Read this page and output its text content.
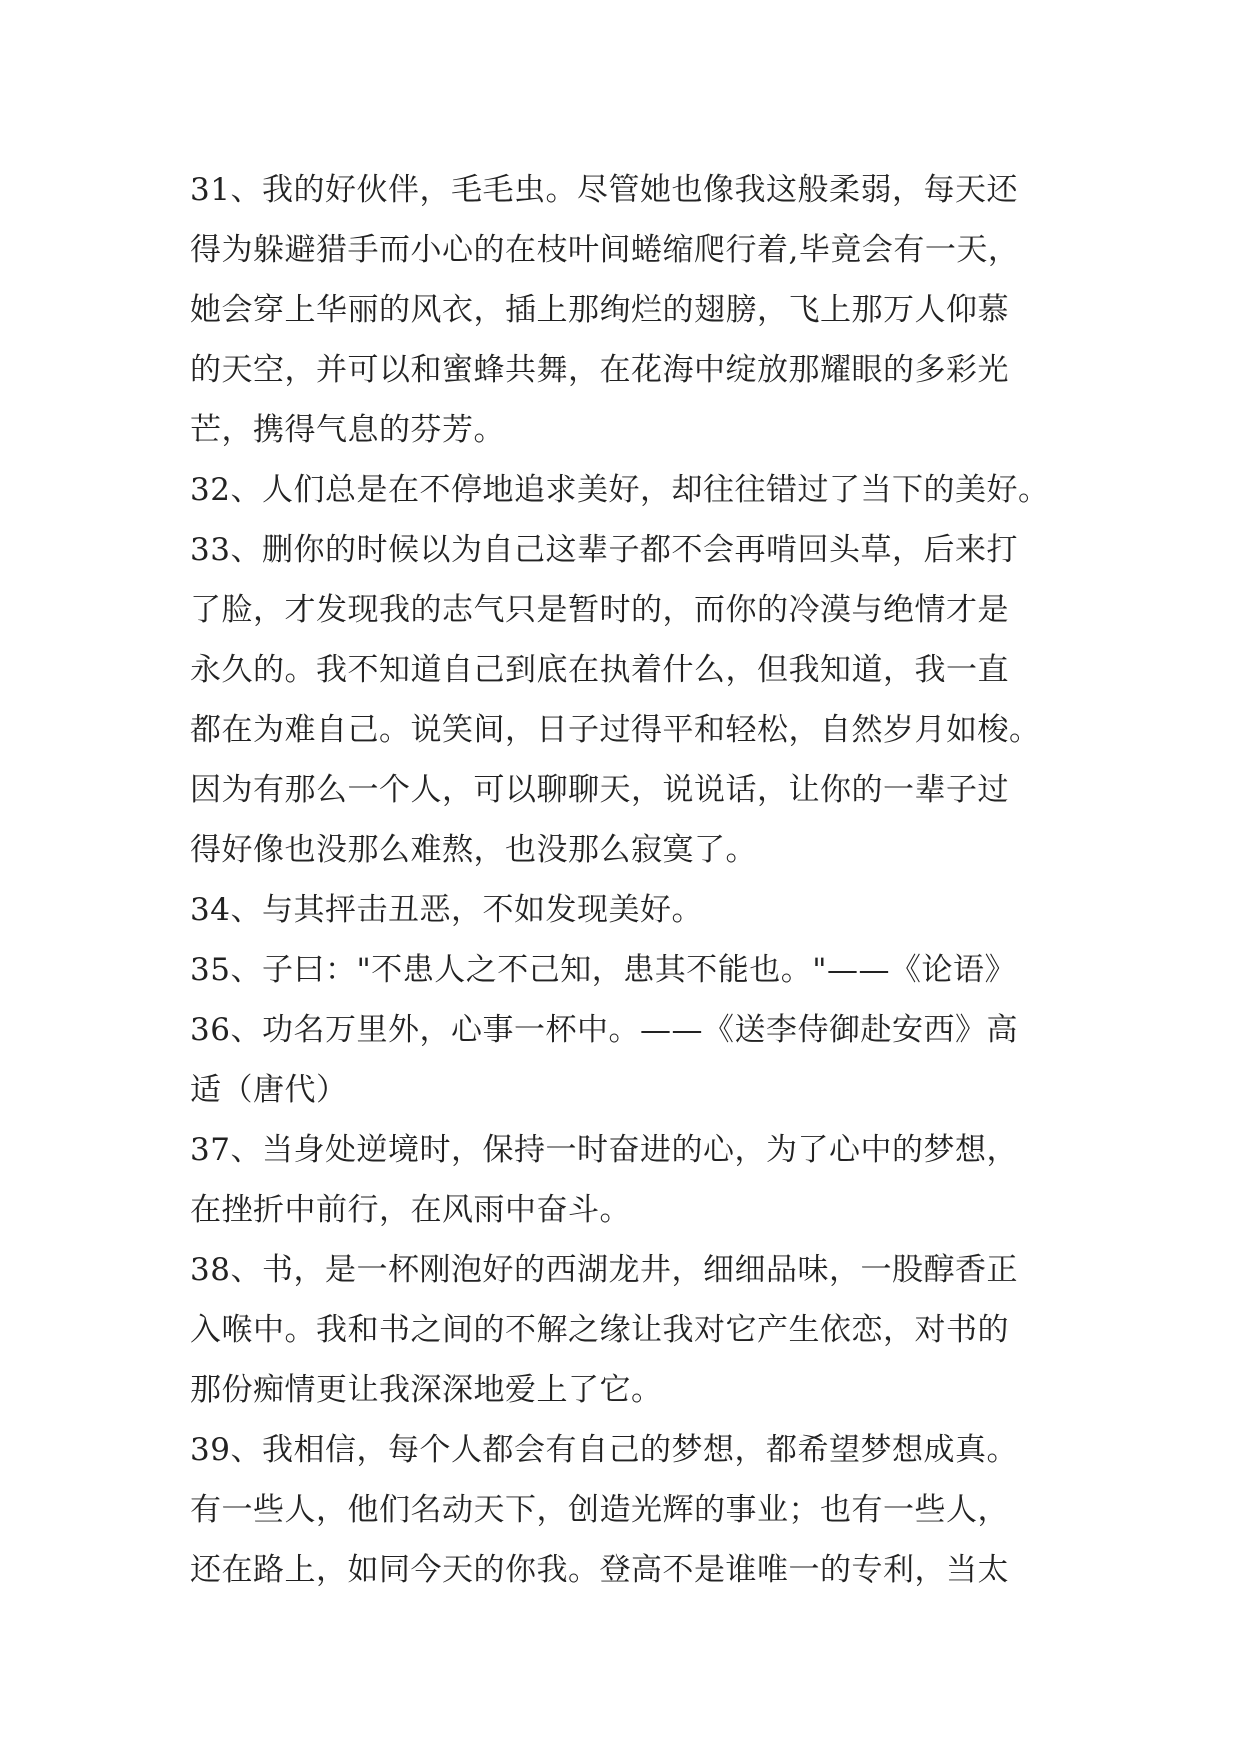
31、我的好伙伴，毛毛虫。尽管她也像我这般柔弱，每天还
得为躲避猎手而小心的在枝叶间蜷缩爬行着,毕竟会有一天，
她会穿上华丽的风衣，插上那绚烂的翅膀，飞上那万人仰慕
的天空，并可以和蜜蜂共舞，在花海中绽放那耀眼的多彩光
芒，携得气息的芬芳。
32、人们总是在不停地追求美好，却往往错过了当下的美好。
33、删你的时候以为自己这辈子都不会再啃回头草，后来打
了脸，才发现我的志气只是暂时的，而你的冷漠与绝情才是
永久的。我不知道自己到底在执着什么，但我知道，我一直
都在为难自己。说笑间，日子过得平和轻松，自然岁月如梭。
因为有那么一个人，可以聊聊天，说说话，让你的一辈子过
得好像也没那么难熬，也没那么寂寞了。
34、与其抨击丑恶，不如发现美好。
35、子曰："不患人之不己知，患其不能也。"——《论语》
36、功名万里外，心事一杯中。——《送李侍御赴安西》高
适（唐代）
37、当身处逆境时，保持一时奋进的心，为了心中的梦想，
在挫折中前行，在风雨中奋斗。
38、书，是一杯刚泡好的西湖龙井，细细品味，一股醇香正
入喉中。我和书之间的不解之缘让我对它产生依恋，对书的
那份痴情更让我深深地爱上了它。
39、我相信，每个人都会有自己的梦想，都希望梦想成真。
有一些人，他们名动天下，创造光辉的事业；也有一些人，
还在路上，如同今天的你我。登高不是谁唯一的专利，当太
